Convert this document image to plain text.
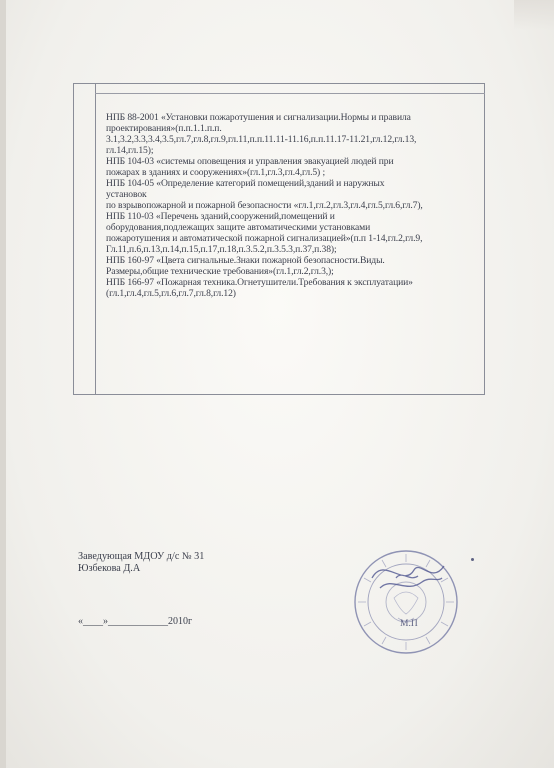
НПБ 88-2001 «Установки пожаротушения и сигнализации.Нормы и правила
проектирования»(п.п.1.1.п.п.
3.1,3.2,3.3,3.4,3.5,гл.7,гл.8,гл.9,гл.11,п.п.11.11-11.16,п.п.11.17-11.21,гл.12,гл.13,
гл.14,гл.15);
НПБ 104-03 «системы оповещения и управления эвакуацией людей при
пожарах в зданиях и сооружениях»(гл.1,гл.3,гл.4,гл.5) ;
НПБ 104-05 «Определение категорий помещений,зданий и наружных
установок
по взрывопожарной и пожарной безопасности «гл.1,гл.2,гл.3,гл.4,гл.5,гл.6,гл.7),
НПБ 110-03 «Перечень зданий,сооружений,помещений и
оборудования,подлежащих защите автоматическими установками
пожаротушения и автоматической пожарной сигнализацией»(п.п 1-14,гл.2,гл.9,
Гл.11,п.6,п.13,п.14,п.15,п.17,п.18,п.3.5.2,п.3.5.3,п.37,п.38);
НПБ 160-97 «Цвета сигнальные.Знаки пожарной безопасности.Виды.
Размеры,общие технические требования»(гл.1,гл.2,гл.3,);
НПБ 166-97 «Пожарная техника.Огнетушители.Требования к эксплуатации»
(гл.1,гл.4,гл.5,гл.6,гл.7,гл.8,гл.12)
Заведующая МДОУ д/с № 31
Юзбекова Д.А
«____»____________2010г	М.П
